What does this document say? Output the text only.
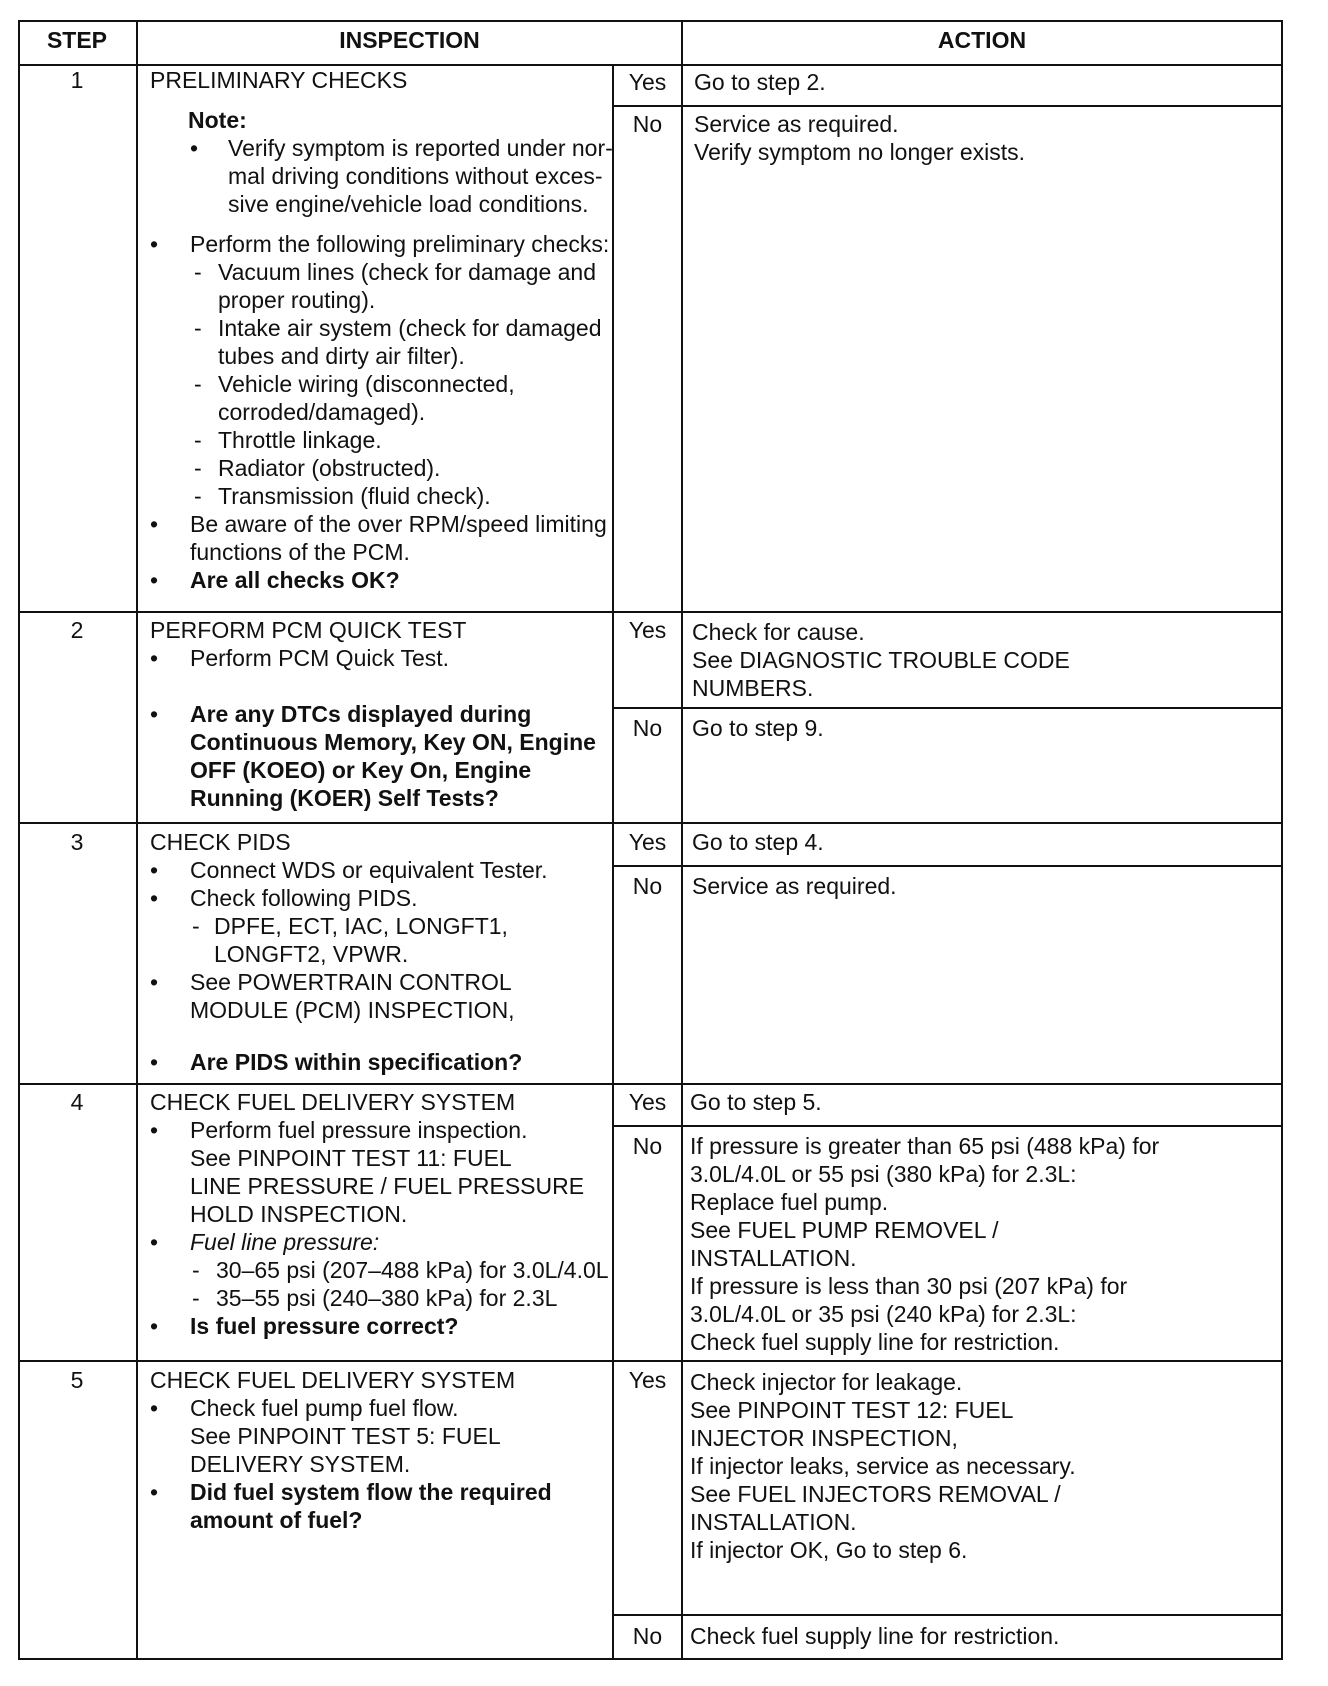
STEP	INSPECTION	ACTION
1	PRELIMINARY CHECKS
Note:
• Verify symptom is reported under nor-
mal driving conditions without exces-
sive engine/vehicle load conditions.
• Perform the following preliminary checks:
- Vacuum lines (check for damage and
proper routing).
- Intake air system (check for damaged
tubes and dirty air filter).
- Vehicle wiring (disconnected,
corroded/damaged).
- Throttle linkage.
- Radiator (obstructed).
- Transmission (fluid check).
• Be aware of the over RPM/speed limiting
functions of the PCM.
• Are all checks OK?
Yes	Go to step 2.
No	Service as required.
Verify symptom no longer exists.
2	PERFORM PCM QUICK TEST
• Perform PCM Quick Test.
• Are any DTCs displayed during
Continuous Memory, Key ON, Engine
OFF (KOEO) or Key On, Engine
Running (KOER) Self Tests?
Yes	Check for cause.
See DIAGNOSTIC TROUBLE CODE
NUMBERS.
No	Go to step 9.
3	CHECK PIDS
• Connect WDS or equivalent Tester.
• Check following PIDS.
- DPFE, ECT, IAC, LONGFT1,
LONGFT2, VPWR.
• See POWERTRAIN CONTROL
MODULE (PCM) INSPECTION,
• Are PIDS within specification?
Yes	Go to step 4.
No	Service as required.
4	CHECK FUEL DELIVERY SYSTEM
• Perform fuel pressure inspection.
See PINPOINT TEST 11: FUEL
LINE PRESSURE / FUEL PRESSURE
HOLD INSPECTION.
• Fuel line pressure:
- 30–65 psi (207–488 kPa) for 3.0L/4.0L
- 35–55 psi (240–380 kPa) for 2.3L
• Is fuel pressure correct?
Yes	Go to step 5.
No	If pressure is greater than 65 psi (488 kPa) for
3.0L/4.0L or 55 psi (380 kPa) for 2.3L:
Replace fuel pump.
See FUEL PUMP REMOVEL /
INSTALLATION.
If pressure is less than 30 psi (207 kPa) for
3.0L/4.0L or 35 psi (240 kPa) for 2.3L:
Check fuel supply line for restriction.
5	CHECK FUEL DELIVERY SYSTEM
• Check fuel pump fuel flow.
See PINPOINT TEST 5: FUEL
DELIVERY SYSTEM.
• Did fuel system flow the required
amount of fuel?
Yes	Check injector for leakage.
See PINPOINT TEST 12: FUEL
INJECTOR INSPECTION,
If injector leaks, service as necessary.
See FUEL INJECTORS REMOVAL /
INSTALLATION.
If injector OK, Go to step 6.
No	Check fuel supply line for restriction.
